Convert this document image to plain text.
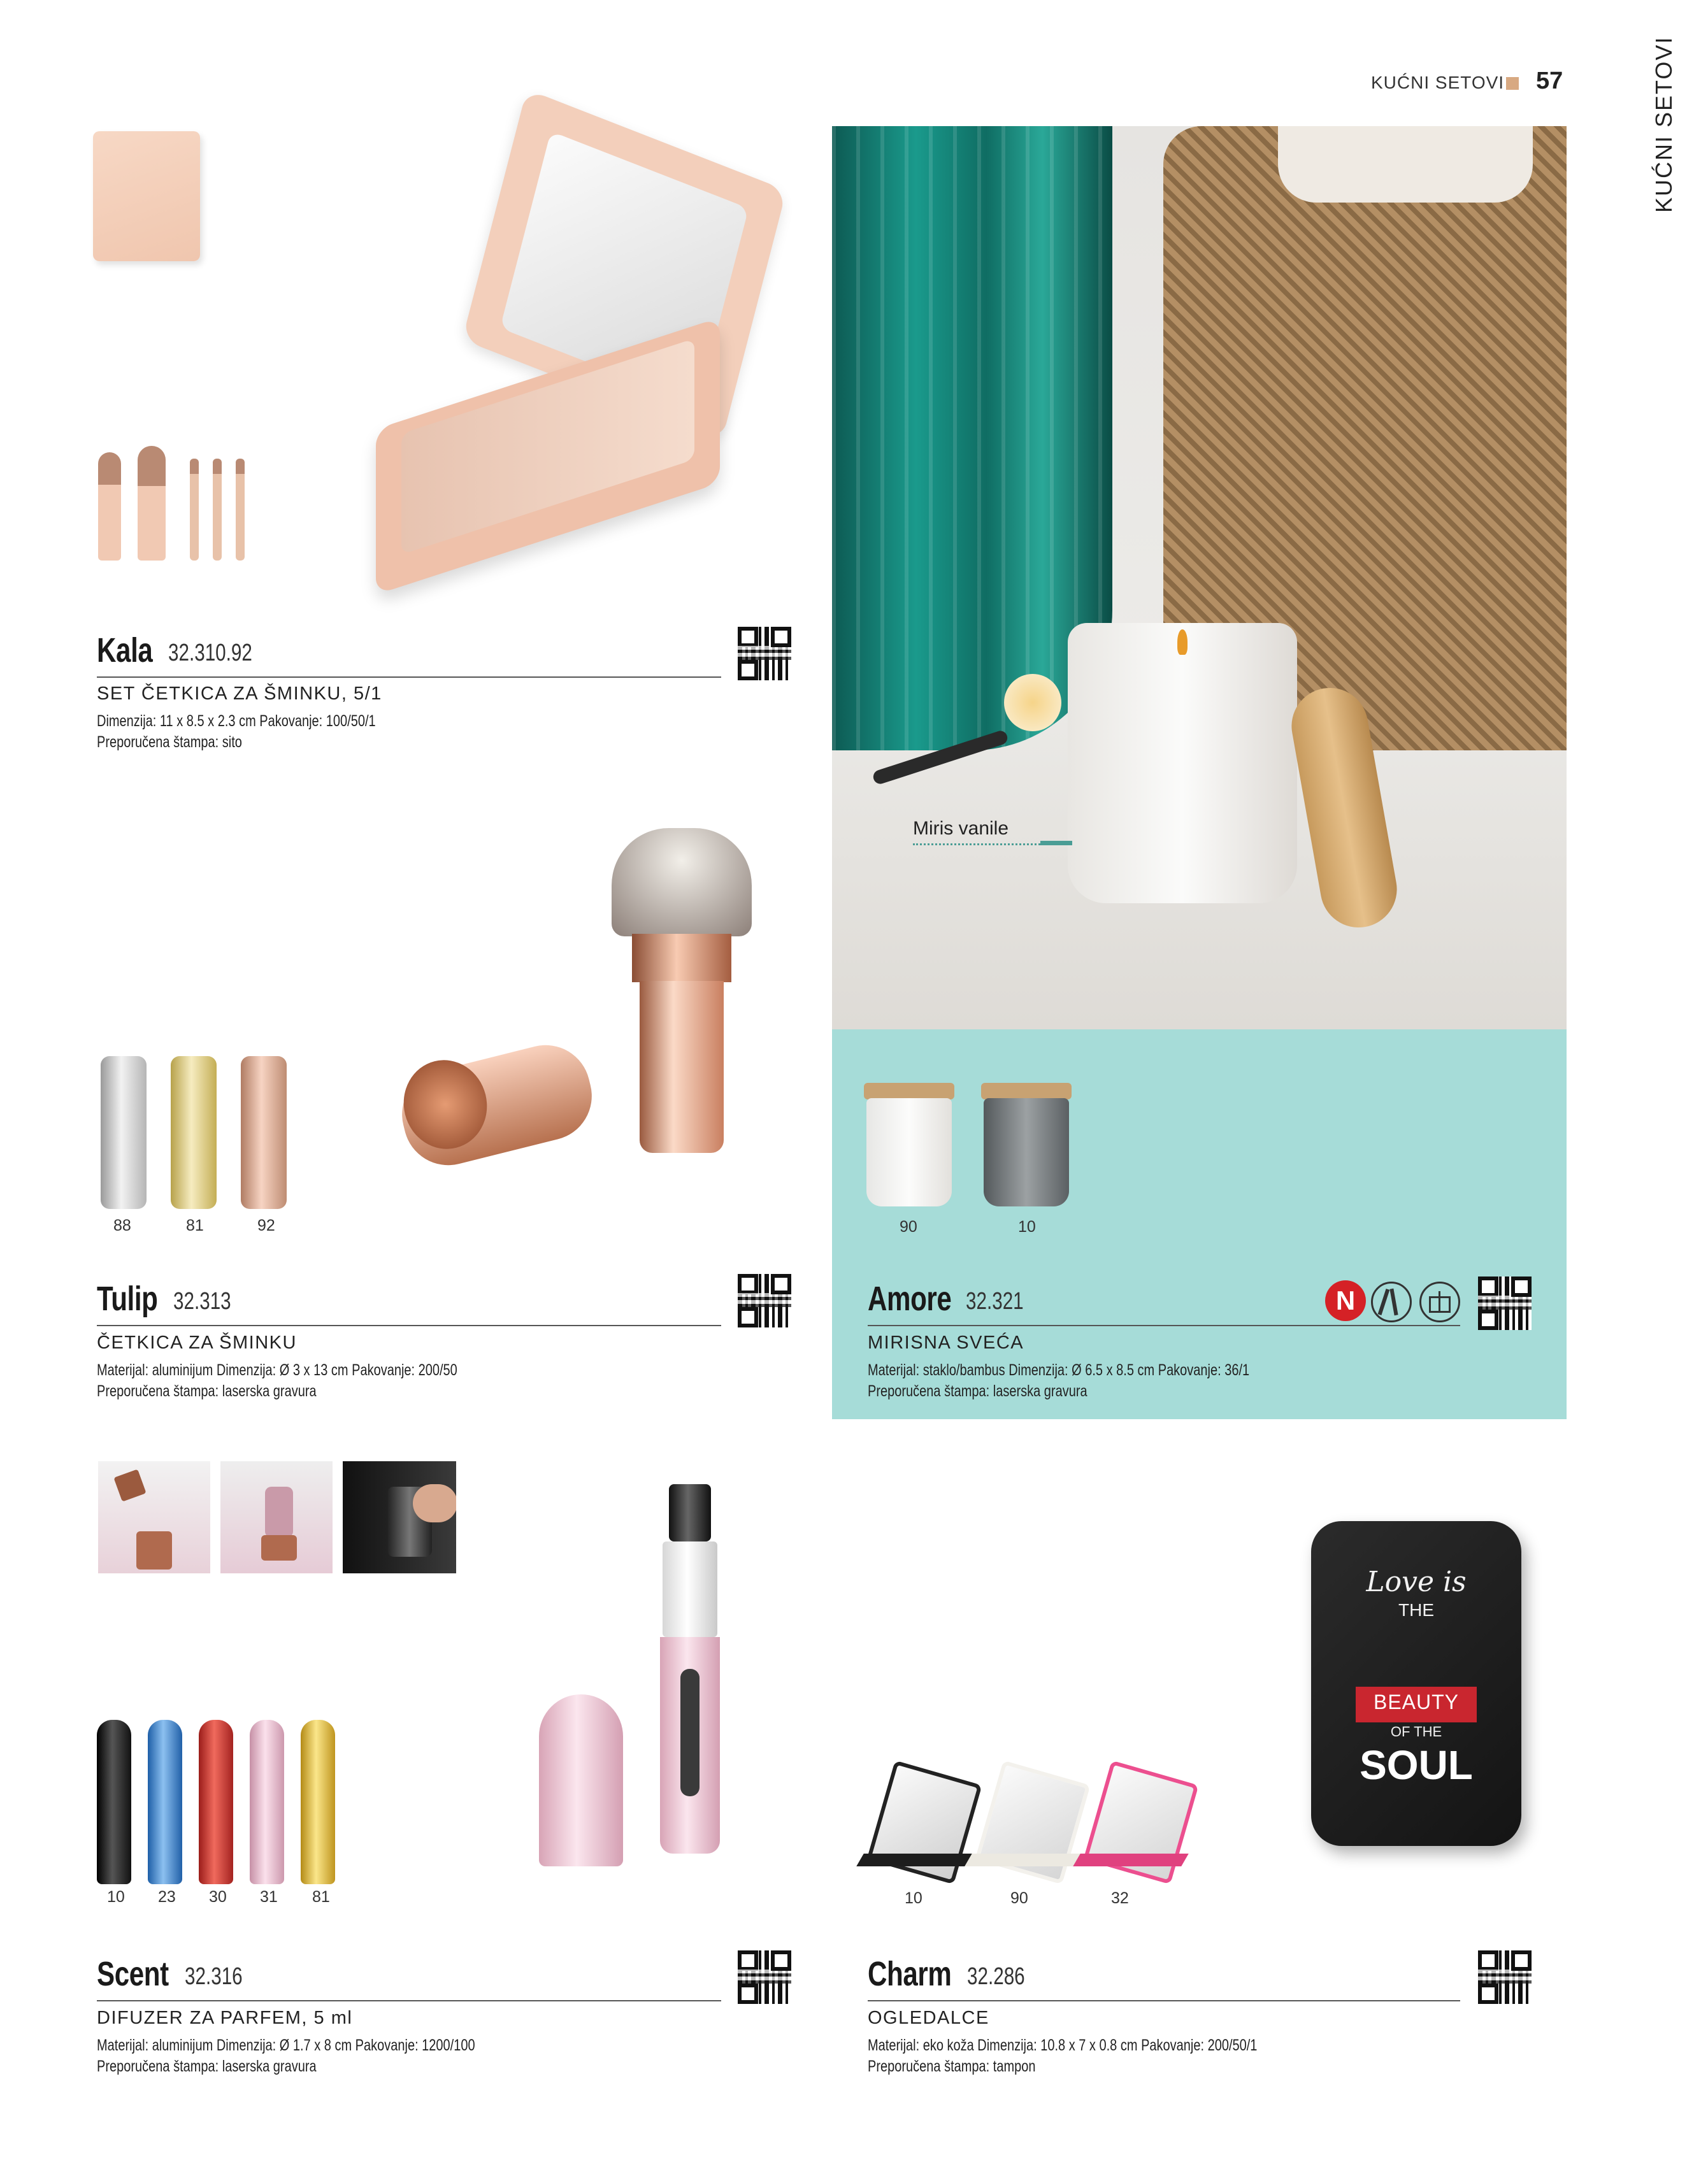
KUĆNI SETOVI 57	KUĆNI SETOVI
Kala 32.310.92
SET ČETKICA ZA ŠMINKU, 5/1
Dimenzija: 11 x 8.5 x 2.3 cm Pakovanje: 100/50/1
Preporučena štampa: sito
88	81	92
Tulip 32.313
ČETKICA ZA ŠMINKU
Materijal: aluminijum Dimenzija: Ø 3 x 13 cm Pakovanje: 200/50
Preporučena štampa: laserska gravura
Miris vanile
90	10
Amore 32.321	N
MIRISNA SVEĆA
Materijal: staklo/bambus Dimenzija: Ø 6.5 x 8.5 cm Pakovanje: 36/1
Preporučena štampa: laserska gravura
10 23 30 31 81
Scent 32.316
DIFUZER ZA PARFEM, 5 ml
Materijal: aluminijum Dimenzija: Ø 1.7 x 8 cm Pakovanje: 1200/100
Preporučena štampa: laserska gravura
10	90	32
Love is
THE
BEAUTY
OF THE
SOUL
Charm 32.286
OGLEDALCE
Materijal: eko koža Dimenzija: 10.8 x 7 x 0.8 cm Pakovanje: 200/50/1
Preporučena štampa: tampon
